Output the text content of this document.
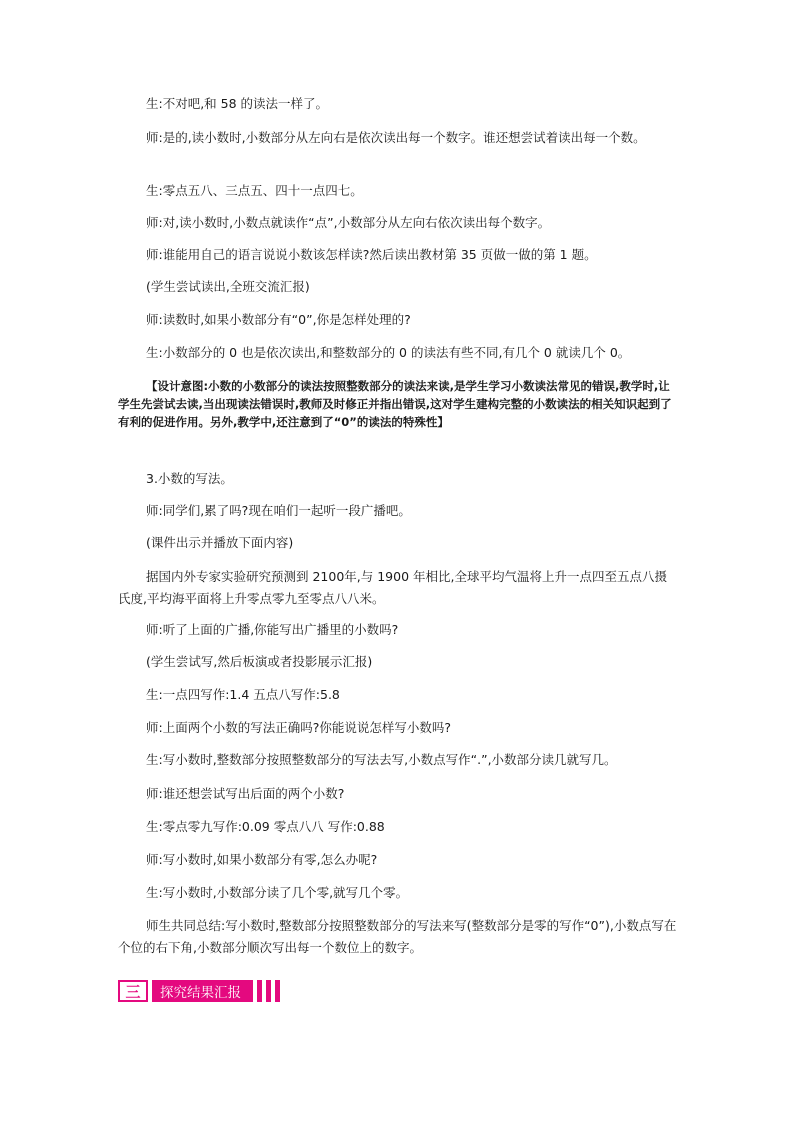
生:不对吧,和 58 的读法一样了。

师:是的,读小数时,小数部分从左向右是依次读出每一个数字。谁还想尝试着读出每一个数。

生:零点五八、三点五、四十一点四七。

师:对,读小数时,小数点就读作“点”,小数部分从左向右依次读出每个数字。

师:谁能用自己的语言说说小数该怎样读?然后读出教材第 35 页做一做的第 1 题。

(学生尝试读出,全班交流汇报)

师:读数时,如果小数部分有“0”,你是怎样处理的?

生:小数部分的 0 也是依次读出,和整数部分的 0 的读法有些不同,有几个 0 就读几个 0。

【设计意图:小数的小数部分的读法按照整数部分的读法来读,是学生学习小数读法常见的错误,教学时,让学生先尝试去读,当出现读法错误时,教师及时修正并指出错误,这对学生建构完整的小数读法的相关知识起到了有利的促进作用。另外,教学中,还注意到了“0”的读法的特殊性】

3.小数的写法。

师:同学们,累了吗?现在咱们一起听一段广播吧。

(课件出示并播放下面内容)

据国内外专家实验研究预测到 2100年,与 1900 年相比,全球平均气温将上升一点四至五点八摄氏度,平均海平面将上升零点零九至零点八八米。

师:听了上面的广播,你能写出广播里的小数吗?

(学生尝试写,然后板演或者投影展示汇报)

生:一点四写作:1.4 五点八写作:5.8

师:上面两个小数的写法正确吗?你能说说怎样写小数吗?

生:写小数时,整数部分按照整数部分的写法去写,小数点写作“.”,小数部分读几就写几。

师:谁还想尝试写出后面的两个小数?

生:零点零九写作:0.09 零点八八 写作:0.88

师:写小数时,如果小数部分有零,怎么办呢?

生:写小数时,小数部分读了几个零,就写几个零。

师生共同总结:写小数时,整数部分按照整数部分的写法来写(整数部分是零的写作“0”),小数点写在个位的右下角,小数部分顺次写出每一个数位上的数字。

三	探究结果汇报
